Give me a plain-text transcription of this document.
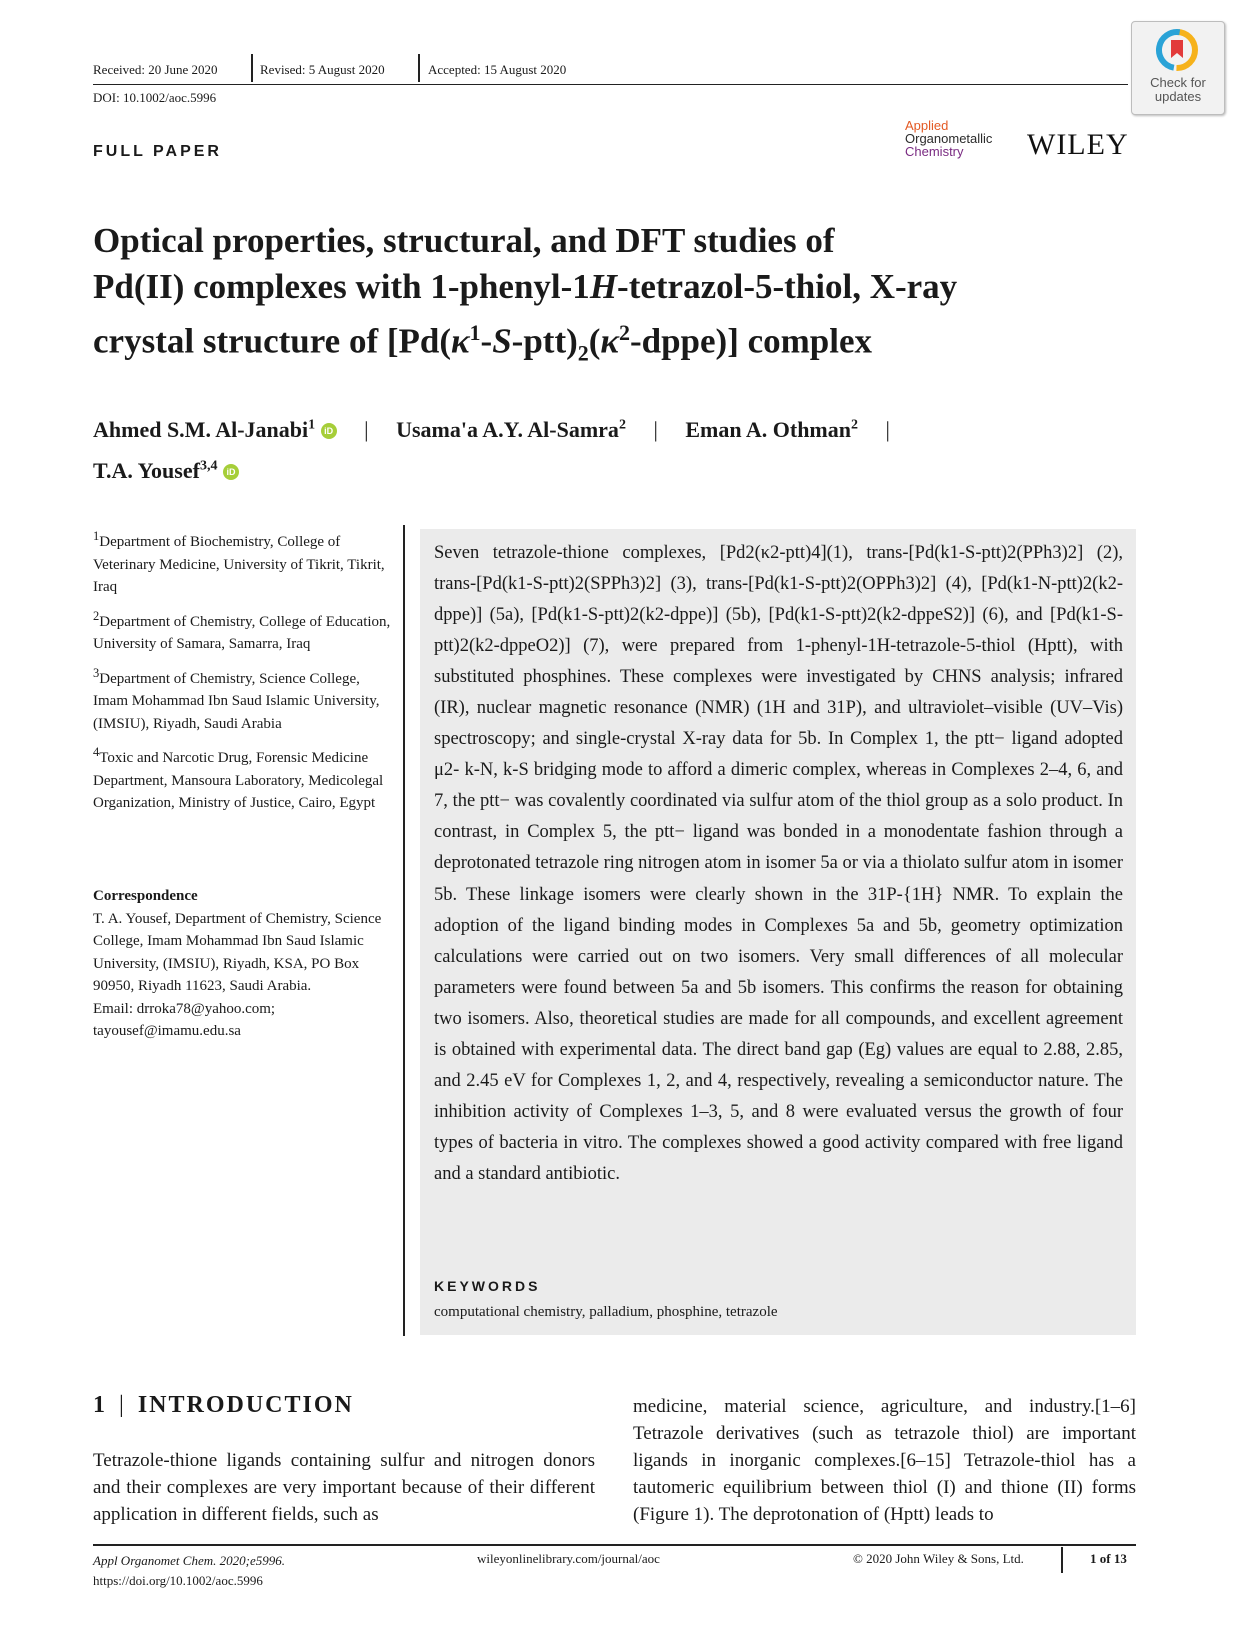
Received: 20 June 2020	Revised: 5 August 2020	Accepted: 15 August 2020
DOI: 10.1002/aoc.5996
Check for updates
FULL PAPER
Applied
Organometallic
Chemistry	WILEY
Optical properties, structural, and DFT studies of
Pd(II) complexes with 1-phenyl-1H-tetrazol-5-thiol, X-ray
crystal structure of $[Pd(\kappa^1-S-ptt)_2(\kappa^2-dppe)]$ complex
Ahmed S.M. Al-Janabi$^1$ iD | Usama'a A.Y. Al-Samra$^2$ | Eman A. Othman$^2$ |
T.A. Yousef$^{3,4}$ iD
$^1$Department of Biochemistry, College of Veterinary Medicine, University of Tikrit, Tikrit, Iraq
$^2$Department of Chemistry, College of Education, University of Samara, Samarra, Iraq
$^3$Department of Chemistry, Science College, Imam Mohammad Ibn Saud Islamic University, (IMSIU), Riyadh, Saudi Arabia
$^4$Toxic and Narcotic Drug, Forensic Medicine Department, Mansoura Laboratory, Medicolegal Organization, Ministry of Justice, Cairo, Egypt
Correspondence
T. A. Yousef, Department of Chemistry, Science College, Imam Mohammad Ibn Saud Islamic University, (IMSIU), Riyadh, KSA, PO Box 90950, Riyadh 11623, Saudi Arabia.
Email: drroka78@yahoo.com;
tayousef@imamu.edu.sa
Seven tetrazole-thione complexes, [Pd2(κ2-ptt)4](1), trans-[Pd(k1-S-ptt)2(PPh3)2] (2), trans-[Pd(k1-S-ptt)2(SPPh3)2] (3), trans-[Pd(k1-S-ptt)2(OPPh3)2] (4), [Pd(k1-N-ptt)2(k2-dppe)] (5a), [Pd(k1-S-ptt)2(k2-dppe)] (5b), [Pd(k1-S-ptt)2(k2-dppeS2)] (6), and [Pd(k1-S-ptt)2(k2-dppeO2)] (7), were prepared from 1-phenyl-1H-tetrazole-5-thiol (Hptt), with substituted phosphines. These complexes were investigated by CHNS analysis; infrared (IR), nuclear magnetic resonance (NMR) (1H and 31P), and ultraviolet–visible (UV–Vis) spectroscopy; and single-crystal X-ray data for 5b. In Complex 1, the ptt− ligand adopted μ2- k-N, k-S bridging mode to afford a dimeric complex, whereas in Complexes 2–4, 6, and 7, the ptt− was covalently coordinated via sulfur atom of the thiol group as a solo product. In contrast, in Complex 5, the ptt− ligand was bonded in a monodentate fashion through a deprotonated tetrazole ring nitrogen atom in isomer 5a or via a thiolato sulfur atom in isomer 5b. These linkage isomers were clearly shown in the 31P-{1H} NMR. To explain the adoption of the ligand binding modes in Complexes 5a and 5b, geometry optimization calculations were carried out on two isomers. Very small differences of all molecular parameters were found between 5a and 5b isomers. This confirms the reason for obtaining two isomers. Also, theoretical studies are made for all compounds, and excellent agreement is obtained with experimental data. The direct band gap (Eg) values are equal to 2.88, 2.85, and 2.45 eV for Complexes 1, 2, and 4, respectively, revealing a semiconductor nature. The inhibition activity of Complexes 1–3, 5, and 8 were evaluated versus the growth of four types of bacteria in vitro. The complexes showed a good activity compared with free ligand and a standard antibiotic.
KEYWORDS
computational chemistry, palladium, phosphine, tetrazole
1 | INTRODUCTION
Tetrazole-thione ligands containing sulfur and nitrogen donors and their complexes are very important because of their different application in different fields, such as
medicine, material science, agriculture, and industry.[1–6] Tetrazole derivatives (such as tetrazole thiol) are important ligands in inorganic complexes.[6–15] Tetrazole-thiol has a tautomeric equilibrium between thiol (I) and thione (II) forms (Figure 1). The deprotonation of (Hptt) leads to
Appl Organomet Chem. 2020;e5996.
https://doi.org/10.1002/aoc.5996
wileyonlinelibrary.com/journal/aoc	© 2020 John Wiley & Sons, Ltd.	1 of 13
